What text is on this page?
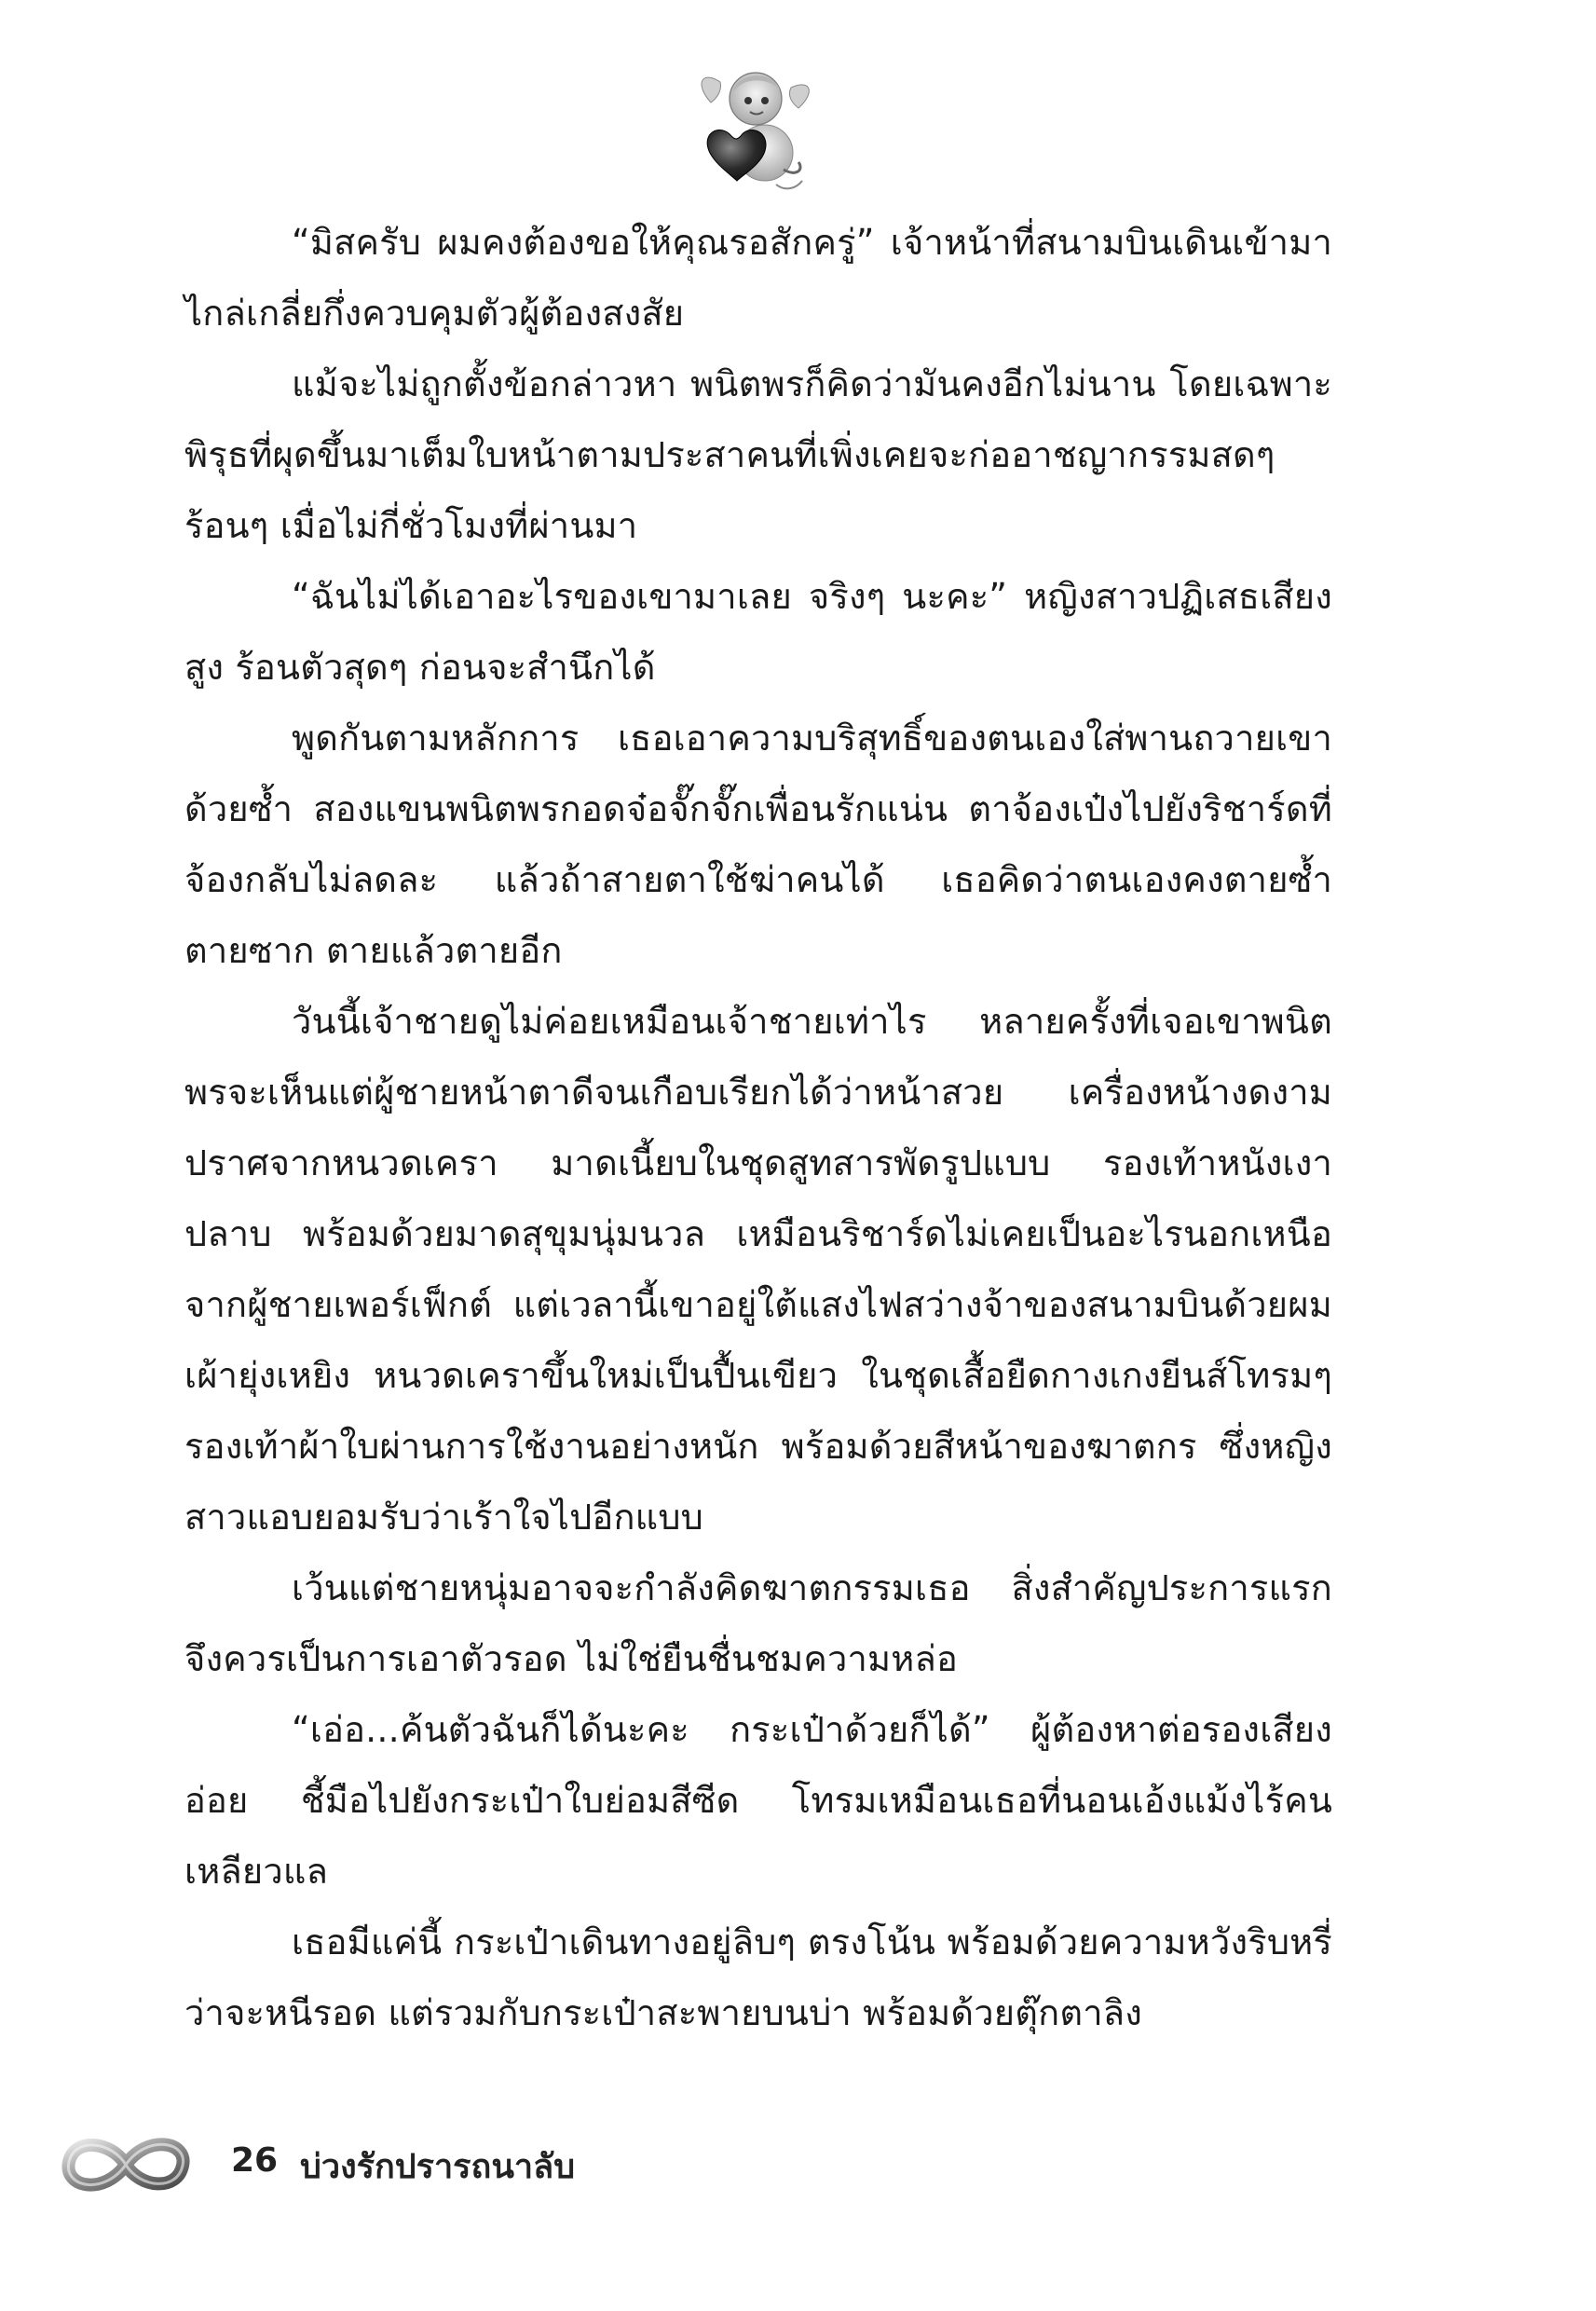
“มิสครับ ผมคงต้องขอให้คุณรอสักครู่” เจ้าหน้าที่สนามบินเดินเข้ามาไกล่เกลี่ยกึ่งควบคุมตัวผู้ต้องสงสัย

แม้จะไม่ถูกตั้งข้อกล่าวหา พนิตพรก็คิดว่ามันคงอีกไม่นาน โดยเฉพาะพิรุธที่ผุดขึ้นมาเต็มใบหน้าตามประสาคนที่เพิ่งเคยจะก่ออาชญากรรมสดๆ ร้อนๆ เมื่อไม่กี่ชั่วโมงที่ผ่านมา

“ฉันไม่ได้เอาอะไรของเขามาเลย จริงๆ นะคะ” หญิงสาวปฏิเสธเสียงสูง ร้อนตัวสุดๆ ก่อนจะสำนึกได้

พูดกันตามหลักการ เธอเอาความบริสุทธิ์ของตนเองใส่พานถวายเขาด้วยซ้ำ สองแขนพนิตพรกอดจ๋อจั๊กจั๊กเพื่อนรักแน่น ตาจ้องเป๋งไปยังริชาร์ดที่จ้องกลับไม่ลดละ แล้วถ้าสายตาใช้ฆ่าคนได้ เธอคิดว่าตนเองคงตายซ้ำตายซาก ตายแล้วตายอีก

วันนี้เจ้าชายดูไม่ค่อยเหมือนเจ้าชายเท่าไร หลายครั้งที่เจอเขาพนิตพรจะเห็นแต่ผู้ชายหน้าตาดีจนเกือบเรียกได้ว่าหน้าสวย เครื่องหน้างดงามปราศจากหนวดเครา มาดเนี้ยบในชุดสูทสารพัดรูปแบบ รองเท้าหนังเงาปลาบ พร้อมด้วยมาดสุขุมนุ่มนวล เหมือนริชาร์ดไม่เคยเป็นอะไรนอกเหนือจากผู้ชายเพอร์เฟ็กต์ แต่เวลานี้เขาอยู่ใต้แสงไฟสว่างจ้าของสนามบินด้วยผมเผ้ายุ่งเหยิง หนวดเคราขึ้นใหม่เป็นปื้นเขียว ในชุดเสื้อยืดกางเกงยีนส์โทรมๆ รองเท้าผ้าใบผ่านการใช้งานอย่างหนัก พร้อมด้วยสีหน้าของฆาตกร ซึ่งหญิงสาวแอบยอมรับว่าเร้าใจไปอีกแบบ

เว้นแต่ชายหนุ่มอาจจะกำลังคิดฆาตกรรมเธอ สิ่งสำคัญประการแรกจึงควรเป็นการเอาตัวรอด ไม่ใช่ยืนชื่นชมความหล่อ

“เอ่อ...ค้นตัวฉันก็ได้นะคะ กระเป๋าด้วยก็ได้” ผู้ต้องหาต่อรองเสียงอ่อย ชี้มือไปยังกระเป๋าใบย่อมสีซีด โทรมเหมือนเธอที่นอนเอ้งแม้งไร้คนเหลียวแล

เธอมีแค่นี้ กระเป๋าเดินทางอยู่ลิบๆ ตรงโน้น พร้อมด้วยความหวังริบหรี่ว่าจะหนีรอด แต่รวมกับกระเป๋าสะพายบนบ่า พร้อมด้วยตุ๊กตาลิง

26 บ่วงรักปรารถนาลับ
